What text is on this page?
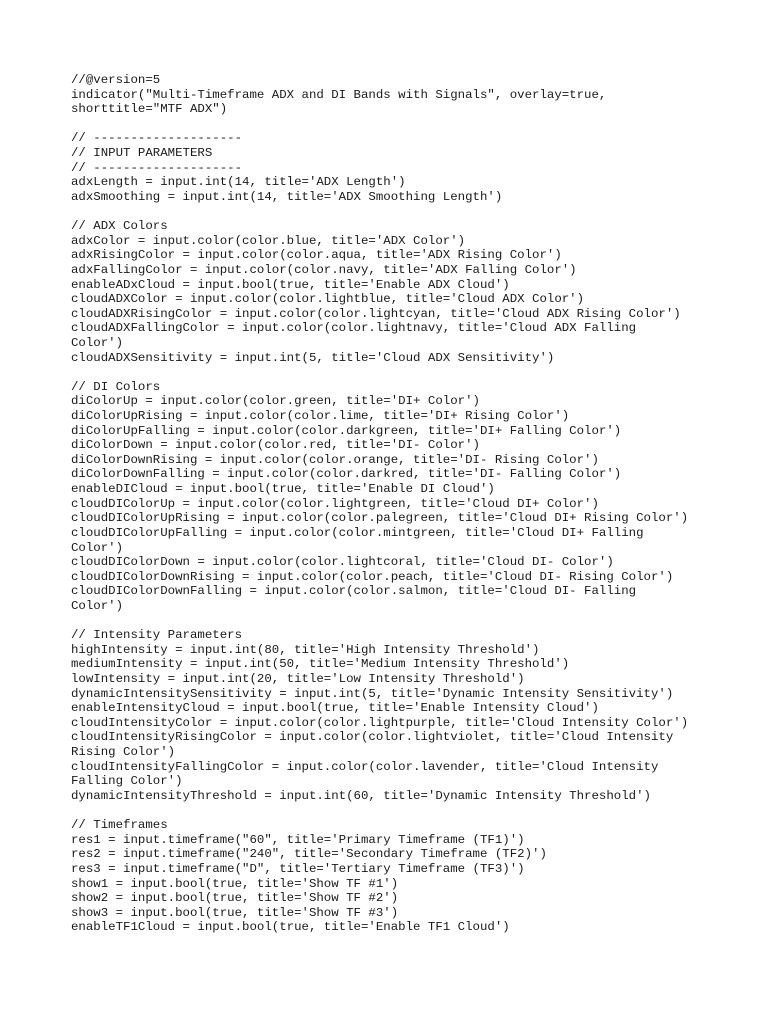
//@version=5
indicator("Multi-Timeframe ADX and DI Bands with Signals", overlay=true,
shorttitle="MTF ADX")
// --------------------
// INPUT PARAMETERS
// --------------------
adxLength = input.int(14, title='ADX Length')
adxSmoothing = input.int(14, title='ADX Smoothing Length')
// ADX Colors
adxColor = input.color(color.blue, title='ADX Color')
adxRisingColor = input.color(color.aqua, title='ADX Rising Color')
adxFallingColor = input.color(color.navy, title='ADX Falling Color')
enableADxCloud = input.bool(true, title='Enable ADX Cloud')
cloudADXColor = input.color(color.lightblue, title='Cloud ADX Color')
cloudADXRisingColor = input.color(color.lightcyan, title='Cloud ADX Rising Color')
cloudADXFallingColor = input.color(color.lightnavy, title='Cloud ADX Falling
Color')
cloudADXSensitivity = input.int(5, title='Cloud ADX Sensitivity')
// DI Colors
diColorUp = input.color(color.green, title='DI+ Color')
diColorUpRising = input.color(color.lime, title='DI+ Rising Color')
diColorUpFalling = input.color(color.darkgreen, title='DI+ Falling Color')
diColorDown = input.color(color.red, title='DI- Color')
diColorDownRising = input.color(color.orange, title='DI- Rising Color')
diColorDownFalling = input.color(color.darkred, title='DI- Falling Color')
enableDICloud = input.bool(true, title='Enable DI Cloud')
cloudDIColorUp = input.color(color.lightgreen, title='Cloud DI+ Color')
cloudDIColorUpRising = input.color(color.palegreen, title='Cloud DI+ Rising Color')
cloudDIColorUpFalling = input.color(color.mintgreen, title='Cloud DI+ Falling
Color')
cloudDIColorDown = input.color(color.lightcoral, title='Cloud DI- Color')
cloudDIColorDownRising = input.color(color.peach, title='Cloud DI- Rising Color')
cloudDIColorDownFalling = input.color(color.salmon, title='Cloud DI- Falling
Color')
// Intensity Parameters
highIntensity = input.int(80, title='High Intensity Threshold')
mediumIntensity = input.int(50, title='Medium Intensity Threshold')
lowIntensity = input.int(20, title='Low Intensity Threshold')
dynamicIntensitySensitivity = input.int(5, title='Dynamic Intensity Sensitivity')
enableIntensityCloud = input.bool(true, title='Enable Intensity Cloud')
cloudIntensityColor = input.color(color.lightpurple, title='Cloud Intensity Color')
cloudIntensityRisingColor = input.color(color.lightviolet, title='Cloud Intensity
Rising Color')
cloudIntensityFallingColor = input.color(color.lavender, title='Cloud Intensity
Falling Color')
dynamicIntensityThreshold = input.int(60, title='Dynamic Intensity Threshold')
// Timeframes
res1 = input.timeframe("60", title='Primary Timeframe (TF1)')
res2 = input.timeframe("240", title='Secondary Timeframe (TF2)')
res3 = input.timeframe("D", title='Tertiary Timeframe (TF3)')
show1 = input.bool(true, title='Show TF #1')
show2 = input.bool(true, title='Show TF #2')
show3 = input.bool(true, title='Show TF #3')
enableTF1Cloud = input.bool(true, title='Enable TF1 Cloud')
